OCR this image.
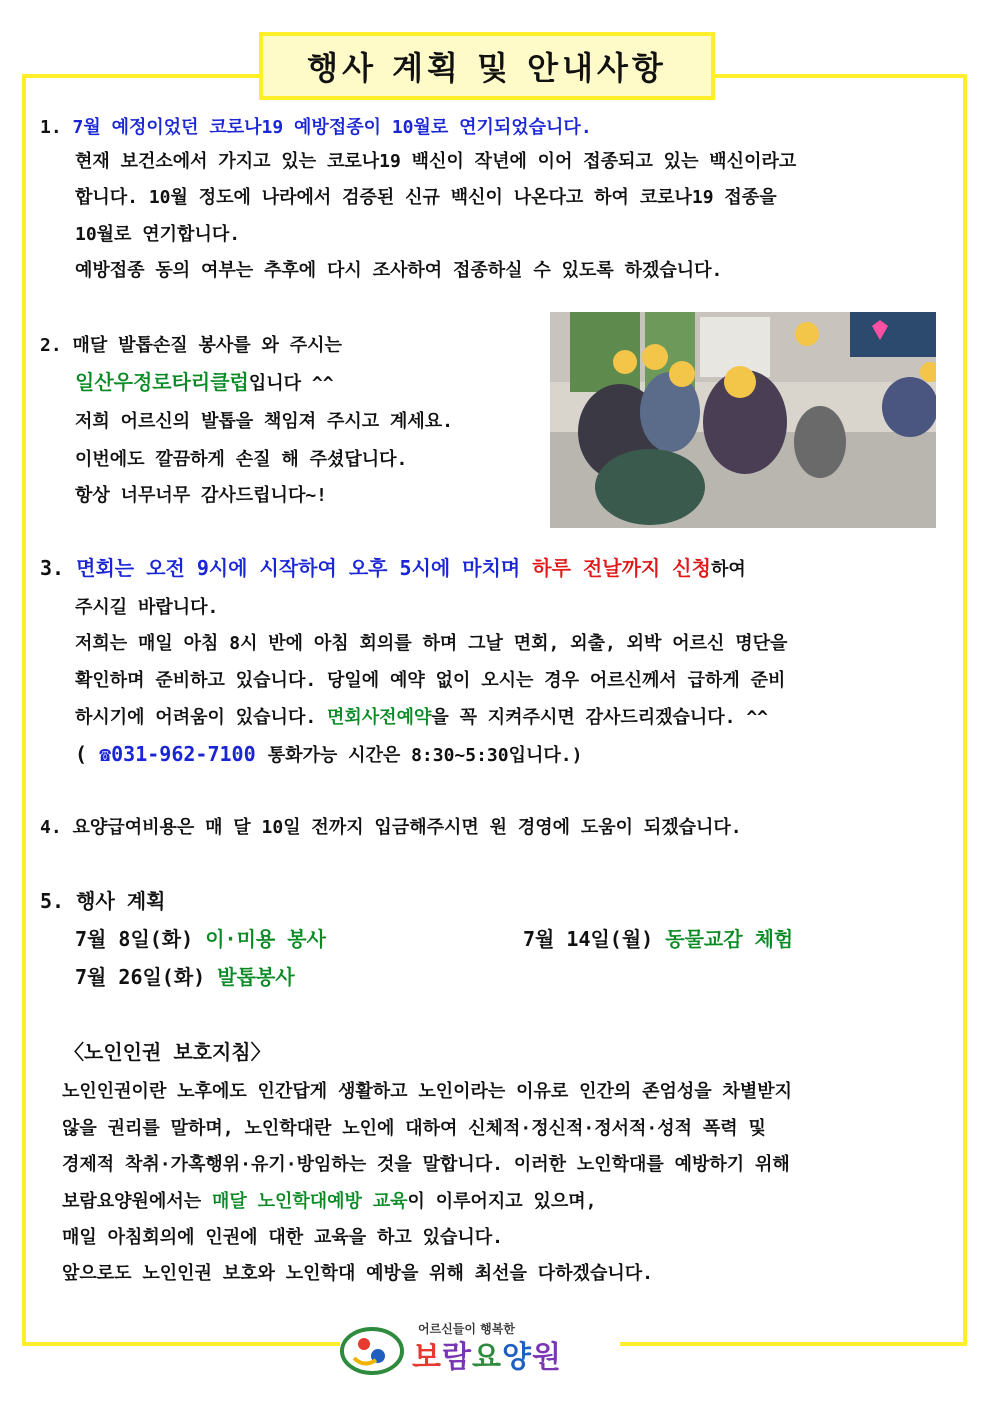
행사 계획 및 안내사항
1. 7월 예정이었던 코로나19 예방접종이 10월로 연기되었습니다.
현재 보건소에서 가지고 있는 코로나19 백신이 작년에 이어 접종되고 있는 백신이라고
합니다. 10월 정도에 나라에서 검증된 신규 백신이 나온다고 하여 코로나19 접종을
10월로 연기합니다.
예방접종 동의 여부는 추후에 다시 조사하여 접종하실 수 있도록 하겠습니다.
2. 매달 발톱손질 봉사를 와 주시는
일산우정로타리클럽입니다 ^^
저희 어르신의 발톱을 책임져 주시고 계세요.
이번에도 깔끔하게 손질 해 주셨답니다.
항상 너무너무 감사드립니다~!
3. 면회는 오전 9시에 시작하여 오후 5시에 마치며 하루 전날까지 신청하여
주시길 바랍니다.
저희는 매일 아침 8시 반에 아침 회의를 하며 그날 면회, 외출, 외박 어르신 명단을
확인하며 준비하고 있습니다. 당일에 예약 없이 오시는 경우 어르신께서 급하게 준비
하시기에 어려움이 있습니다. 면회사전예약을 꼭 지켜주시면 감사드리겠습니다. ^^
( ☎031-962-7100 통화가능 시간은 8:30~5:30입니다.)
4. 요양급여비용은 매 달 10일 전까지 입금해주시면 원 경영에 도움이 되겠습니다.
5. 행사 계획
7월 8일(화) 이·미용 봉사	7월 14일(월) 동물교감 체험
7월 26일(화) 발톱봉사
〈노인인권 보호지침〉
노인인권이란 노후에도 인간답게 생활하고 노인이라는 이유로 인간의 존엄성을 차별받지
않을 권리를 말하며, 노인학대란 노인에 대하여 신체적·정신적·정서적·성적 폭력 및
경제적 착취·가혹행위·유기·방임하는 것을 말합니다. 이러한 노인학대를 예방하기 위해
보람요양원에서는 매달 노인학대예방 교육이 이루어지고 있으며,
매일 아침회의에 인권에 대한 교육을 하고 있습니다.
앞으로도 노인인권 보호와 노인학대 예방을 위해 최선을 다하겠습니다.
어르신들이 행복한
보람요양원
